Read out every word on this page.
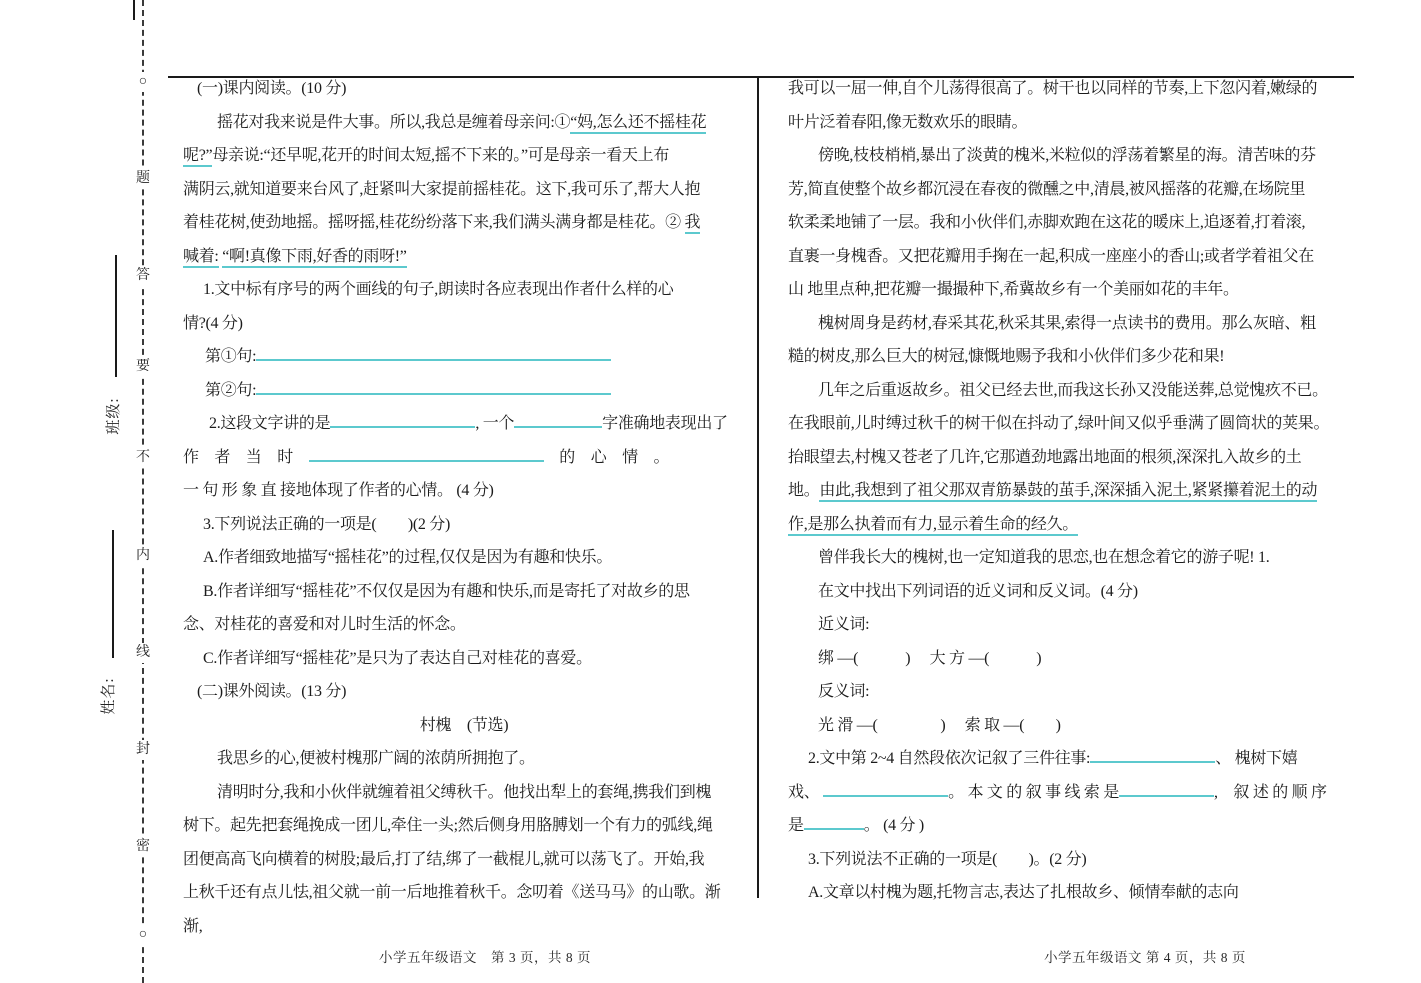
○
题
答
要
不
内
线
封
密
○
班级:
姓名:
(一)课内阅读。(10 分)
摇花对我来说是件大事。所以,我总是缠着母亲问:①“妈,怎么还不摇桂花
呢?”母亲说:“还早呢,花开的时间太短,摇不下来的。”可是母亲一看天上布
满阴云,就知道要来台风了,赶紧叫大家提前摇桂花。这下,我可乐了,帮大人抱
着桂花树,使劲地摇。摇呀摇,桂花纷纷落下来,我们满头满身都是桂花。② 我
喊着: “啊!真像下雨,好香的雨呀!”
1.文中标有序号的两个画线的句子,朗读时各应表现出作者什么样的心
情?(4 分)
第①句:
第②句:
2.这段文字讲的是	, 一个	字准确地表现出了
作　者　当　时　	　的　心　情　。
一 句 形 象 直 接地体现了作者的心情。 (4 分)
3.下列说法正确的一项是(　　)(2 分)
A.作者细致地描写“摇桂花”的过程,仅仅是因为有趣和快乐。
B.作者详细写“摇桂花”不仅仅是因为有趣和快乐,而是寄托了对故乡的思
念、对桂花的喜爱和对儿时生活的怀念。
C.作者详细写“摇桂花”是只为了表达自己对桂花的喜爱。
(二)课外阅读。(13 分)
村槐　(节选)
我思乡的心,便被村槐那广阔的浓荫所拥抱了。
清明时分,我和小伙伴就缠着祖父缚秋千。他找出犁上的套绳,携我们到槐
树下。起先把套绳挽成一团儿,牵住一头;然后侧身用胳膊划一个有力的弧线,绳
团便高高飞向横着的树股;最后,打了结,绑了一截棍儿,就可以荡飞了。开始,我
上秋千还有点儿怯,祖父就一前一后地推着秋千。念叨着《送马马》的山歌。渐
渐,
我可以一屈一伸,自个儿荡得很高了。树干也以同样的节奏,上下忽闪着,嫩绿的
叶片泛着春阳,像无数欢乐的眼睛。
傍晚,枝枝梢梢,暴出了淡黄的槐米,米粒似的浮荡着繁星的海。清苦味的芬
芳,简直使整个故乡都沉浸在春夜的微醺之中,清晨,被风摇落的花瓣,在场院里
软柔柔地铺了一层。我和小伙伴们,赤脚欢跑在这花的暖床上,追逐着,打着滚,
直裹一身槐香。又把花瓣用手掬在一起,积成一座座小的香山;或者学着祖父在
山 地里点种,把花瓣一撮撮种下,希冀故乡有一个美丽如花的丰年。
槐树周身是药材,春采其花,秋采其果,索得一点读书的费用。那么灰暗、粗
糙的树皮,那么巨大的树冠,慷慨地赐予我和小伙伴们多少花和果!
几年之后重返故乡。祖父已经去世,而我这长孙又没能送葬,总觉愧疚不已。
在我眼前,儿时缚过秋千的树干似在抖动了,绿叶间又似乎垂满了圆筒状的荚果。
抬眼望去,村槐又苍老了几许,它那遒劲地露出地面的根须,深深扎入故乡的土
地。由此,我想到了祖父那双青筋暴鼓的茧手,深深插入泥土,紧紧攥着泥土的动
作,是那么执着而有力,显示着生命的经久。
曾伴我长大的槐树,也一定知道我的思恋,也在想念着它的游子呢! 1.
在文中找出下列词语的近义词和反义词。(4 分)
近义词:
绑 —(　　　)　 大 方 —(　　　)
反义词:
光 滑 —(　　　　)　 索 取 —(　　)
2.文中第 2~4 自然段依次记叙了三件往事:	、 槐树下嬉
戏、	。 本 文 的 叙 事 线 索 是	,　叙 述 的 顺 序
是	。 (4 分 )
3.下列说法不正确的一项是(　　)。(2 分)
A.文章以村槐为题,托物言志,表达了扎根故乡、倾情奉献的志向
小学五年级语文　第 3 页，共 8 页	小学五年级语文 第 4 页，共 8 页
